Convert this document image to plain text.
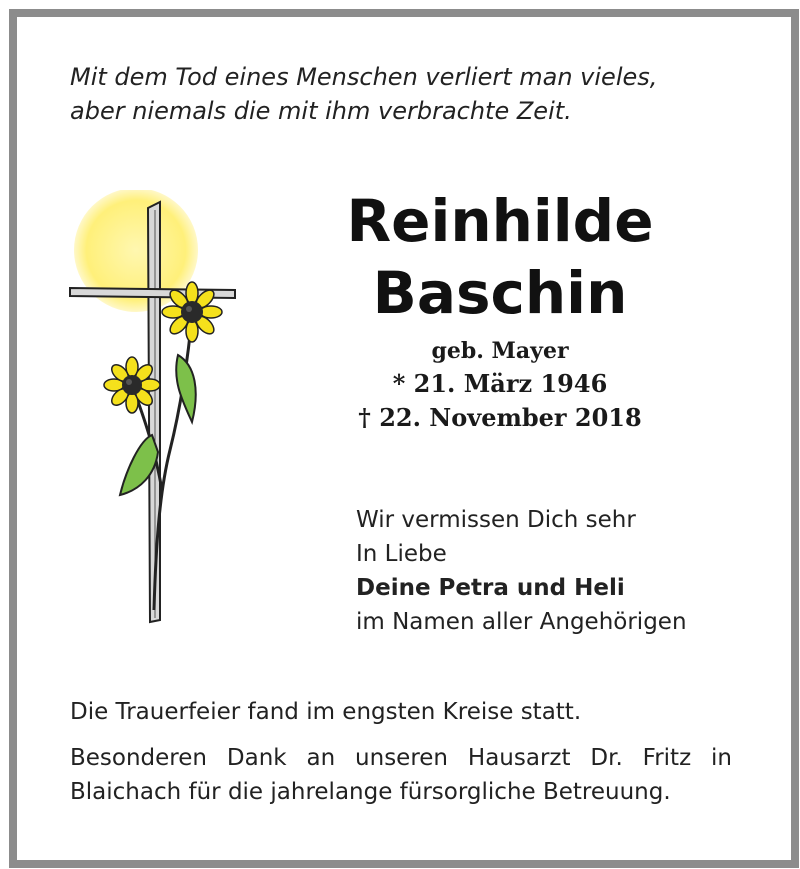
Mit dem Tod eines Menschen verliert man vieles,
aber niemals die mit ihm verbrachte Zeit.
Reinhilde
Baschin
geb. Mayer
* 21. März 1946
† 22. November 2018
Wir vermissen Dich sehr
In Liebe
Deine Petra und Heli
im Namen aller Angehörigen

Die Trauerfeier fand im engsten Kreise statt.

Besonderen Dank an unseren Hausarzt Dr. Fritz in Blaichach für die jahrelange fürsorgliche Betreuung.
